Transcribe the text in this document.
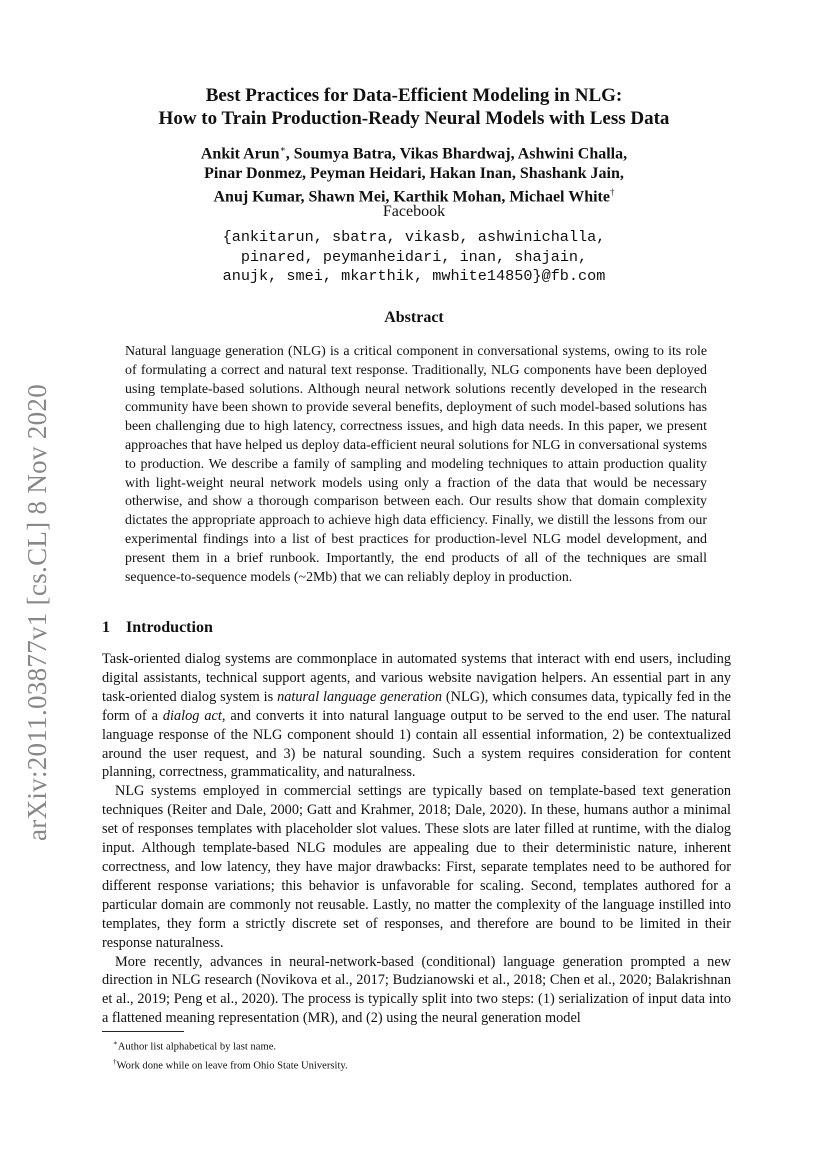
arXiv:2011.03877v1 [cs.CL] 8 Nov 2020
Best Practices for Data-Efficient Modeling in NLG:
How to Train Production-Ready Neural Models with Less Data
Ankit Arun∗, Soumya Batra, Vikas Bhardwaj, Ashwini Challa,
Pinar Donmez, Peyman Heidari, Hakan Inan, Shashank Jain,
Anuj Kumar, Shawn Mei, Karthik Mohan, Michael White†
Facebook
{ankitarun, sbatra, vikasb, ashwinichalla,
pinared, peymanheidari, inan, shajain,
anujk, smei, mkarthik, mwhite14850}@fb.com
Abstract
Natural language generation (NLG) is a critical component in conversational systems, owing to its role of formulating a correct and natural text response. Traditionally, NLG components have been deployed using template-based solutions. Although neural network solutions recently developed in the research community have been shown to provide several benefits, deployment of such model-based solutions has been challenging due to high latency, correctness issues, and high data needs. In this paper, we present approaches that have helped us deploy data-efficient neural solutions for NLG in conversational systems to production. We describe a family of sampling and modeling techniques to attain production quality with light-weight neural network models using only a fraction of the data that would be necessary otherwise, and show a thorough comparison between each. Our results show that domain complexity dictates the appropriate approach to achieve high data efficiency. Finally, we distill the lessons from our experimental findings into a list of best practices for production-level NLG model development, and present them in a brief runbook. Importantly, the end products of all of the techniques are small sequence-to-sequence models (~2Mb) that we can reliably deploy in production.
1 Introduction

Task-oriented dialog systems are commonplace in automated systems that interact with end users, including digital assistants, technical support agents, and various website navigation helpers. An essential part in any task-oriented dialog system is natural language generation (NLG), which consumes data, typically fed in the form of a dialog act, and converts it into natural language output to be served to the end user. The natural language response of the NLG component should 1) contain all essential information, 2) be contextualized around the user request, and 3) be natural sounding. Such a system requires consideration for content planning, correctness, grammaticality, and naturalness.

NLG systems employed in commercial settings are typically based on template-based text generation techniques (Reiter and Dale, 2000; Gatt and Krahmer, 2018; Dale, 2020). In these, humans author a minimal set of responses templates with placeholder slot values. These slots are later filled at runtime, with the dialog input. Although template-based NLG modules are appealing due to their deterministic nature, inherent correctness, and low latency, they have major drawbacks: First, separate templates need to be authored for different response variations; this behavior is unfavorable for scaling. Second, templates authored for a particular domain are commonly not reusable. Lastly, no matter the complexity of the language instilled into templates, they form a strictly discrete set of responses, and therefore are bound to be limited in their response naturalness.

More recently, advances in neural-network-based (conditional) language generation prompted a new direction in NLG research (Novikova et al., 2017; Budzianowski et al., 2018; Chen et al., 2020; Balakrishnan et al., 2019; Peng et al., 2020). The process is typically split into two steps: (1) serialization of input data into a flattened meaning representation (MR), and (2) using the neural generation model

∗Author list alphabetical by last name.
†Work done while on leave from Ohio State University.
